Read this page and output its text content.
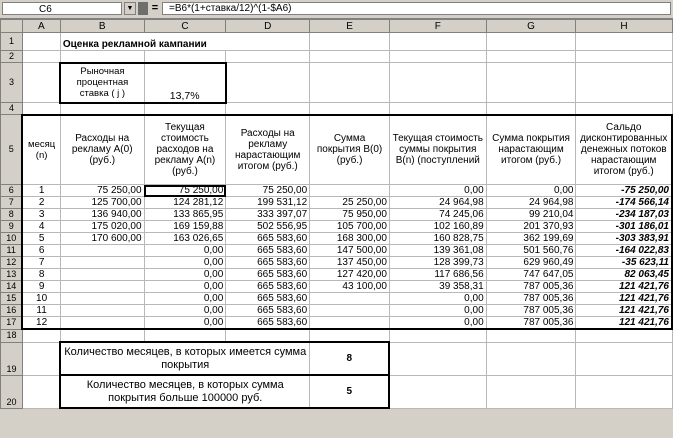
C6	▼	=	=B6*(1+ставка/12)^(1-$A6)
	A	B	C	D	E	F	G	H
1		Оценка рекламной кампании						
2								
3		Рыночная процентная ставка ( j )	13,7%					
4								
5	месяц (n)	Расходы на рекламу A(0) (руб.)	Текущая стоимость расходов на рекламу A(n) (руб.)	Расходы на рекламу нарастающим итогом (руб.)	Сумма покрытия B(0) (руб.)	Текущая стоимость суммы покрытия B(n) (поступлений	Сумма покрытия нарастающим итогом (руб.)	Сальдо дисконтированных денежных потоков нарастающим итогом (руб.)
6	1	75 250,00	75 250,00	75 250,00		0,00	0,00	-75 250,00
7	2	125 700,00	124 281,12	199 531,12	25 250,00	24 964,98	24 964,98	-174 566,14
8	3	136 940,00	133 865,95	333 397,07	75 950,00	74 245,06	99 210,04	-234 187,03
9	4	175 020,00	169 159,88	502 556,95	105 700,00	102 160,89	201 370,93	-301 186,01
10	5	170 600,00	163 026,65	665 583,60	168 300,00	160 828,75	362 199,69	-303 383,91
11	6		0,00	665 583,60	147 500,00	139 361,08	501 560,76	-164 022,83
12	7		0,00	665 583,60	137 450,00	128 399,73	629 960,49	-35 623,11
13	8		0,00	665 583,60	127 420,00	117 686,56	747 647,05	82 063,45
14	9		0,00	665 583,60	43 100,00	39 358,31	787 005,36	121 421,76
15	10		0,00	665 583,60		0,00	787 005,36	121 421,76
16	11		0,00	665 583,60		0,00	787 005,36	121 421,76
17	12		0,00	665 583,60		0,00	787 005,36	121 421,76
18								
19		Количество месяцев, в которых имеется сумма покрытия			8			
20		Количество месяцев, в которых сумма покрытия больше 100000 руб.			5			
